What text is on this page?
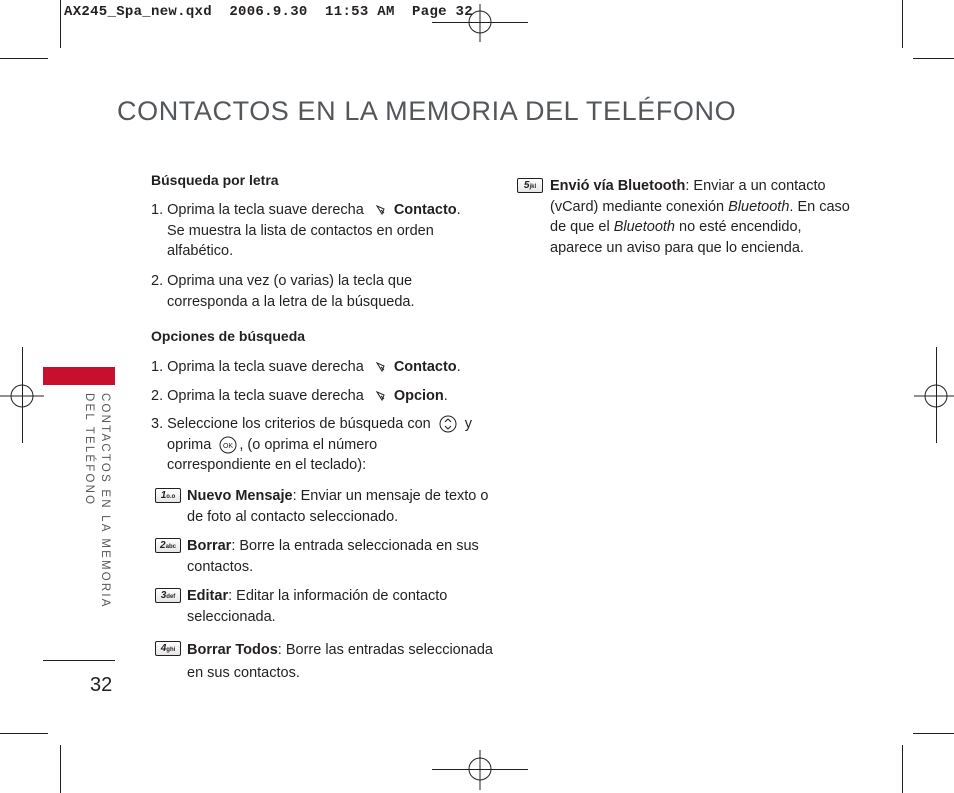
AX245_Spa_new.qxd  2006.9.30  11:53 AM  Page 32
CONTACTOS EN LA MEMORIA DEL TELÉFONO
CONTACTOS EN LA MEMORIA
DEL TELÉFONO
32
Búsqueda por letra
1. Oprima la tecla suave derecha Contacto.
Se muestra la lista de contactos en orden
alfabético.
2. Oprima una vez (o varias) la tecla que
corresponda a la letra de la búsqueda.
Opciones de búsqueda
1. Oprima la tecla suave derecha Contacto.
2. Oprima la tecla suave derecha Opcion.
3. Seleccione los criterios de búsqueda con y
oprima OK , (o oprima el número
correspondiente en el teclado):
1o.o Nuevo Mensaje: Enviar un mensaje de texto o
de foto al contacto seleccionado.
2abc Borrar: Borre la entrada seleccionada en sus
contactos.
3def Editar: Editar la información de contacto
seleccionada.
4ghi Borrar Todos: Borre las entradas seleccionada
en sus contactos.
5jkl Envió vía Bluetooth: Enviar a un contacto
(vCard) mediante conexión Bluetooth. En caso
de que el Bluetooth no esté encendido,
aparece un aviso para que lo encienda.
